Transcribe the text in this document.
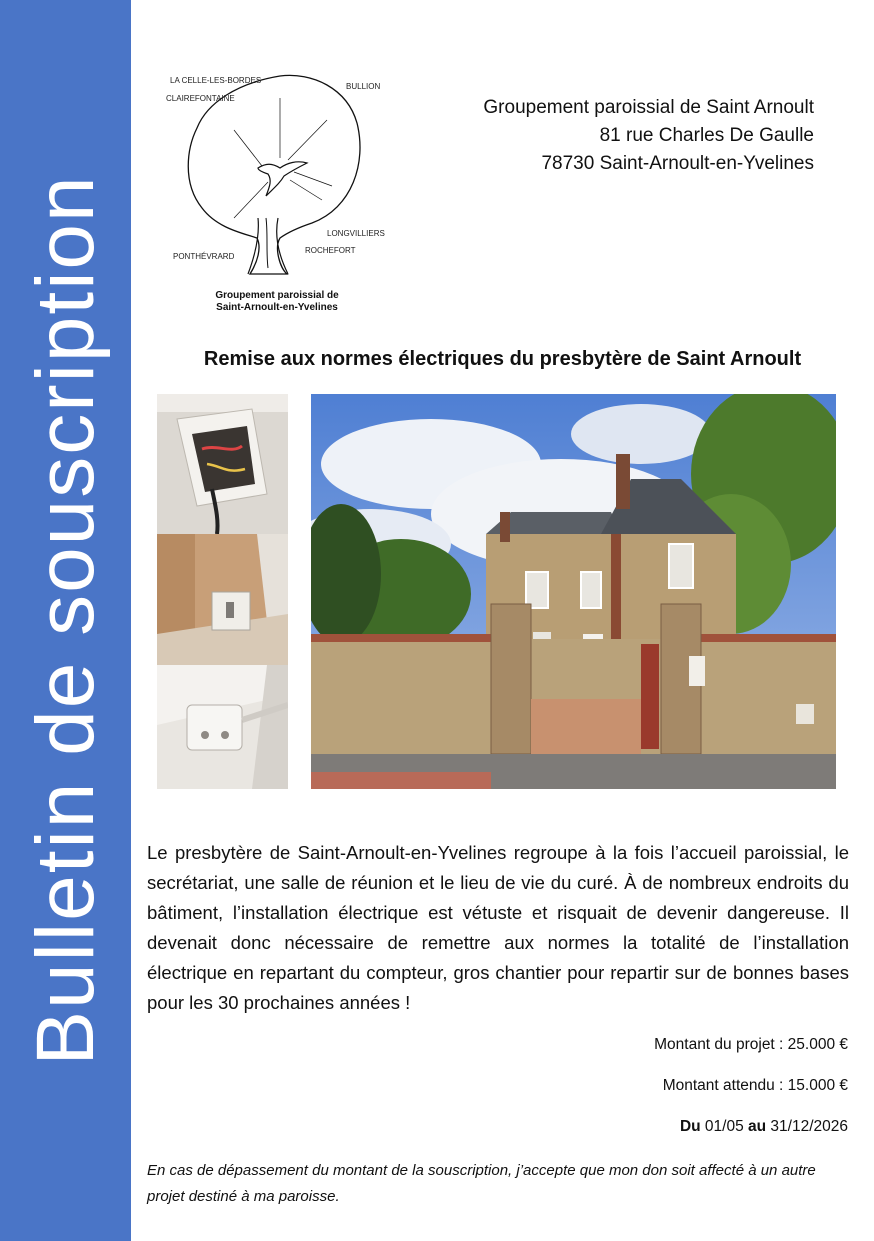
Bulletin de souscription
LA CELLE-LES-BORDES
CLAIREFONTAINE
BULLION
LONGVILLIERS
ROCHEFORT
PONTHÉVRARD
Groupement paroissial de
Saint-Arnoult-en-Yvelines
Groupement paroissial de Saint Arnoult
81 rue Charles De Gaulle
78730 Saint-Arnoult-en-Yvelines
Remise aux normes électriques du presbytère de Saint Arnoult
Le presbytère de Saint-Arnoult-en-Yvelines regroupe à la fois l’accueil paroissial, le secrétariat, une salle de réunion et le lieu de vie du curé. À de nombreux endroits du bâtiment, l’installation électrique est vétuste et risquait de devenir dangereuse. Il devenait donc nécessaire de remettre aux normes la totalité de l’installation électrique en repartant du compteur, gros chantier pour repartir sur de bonnes bases pour les 30 prochaines années !
Montant du projet : 25.000 €
Montant attendu : 15.000 €
Du 01/05 au 31/12/2026
En cas de dépassement du montant de la souscription, j’accepte que mon don soit affecté à un autre projet destiné à ma paroisse.
